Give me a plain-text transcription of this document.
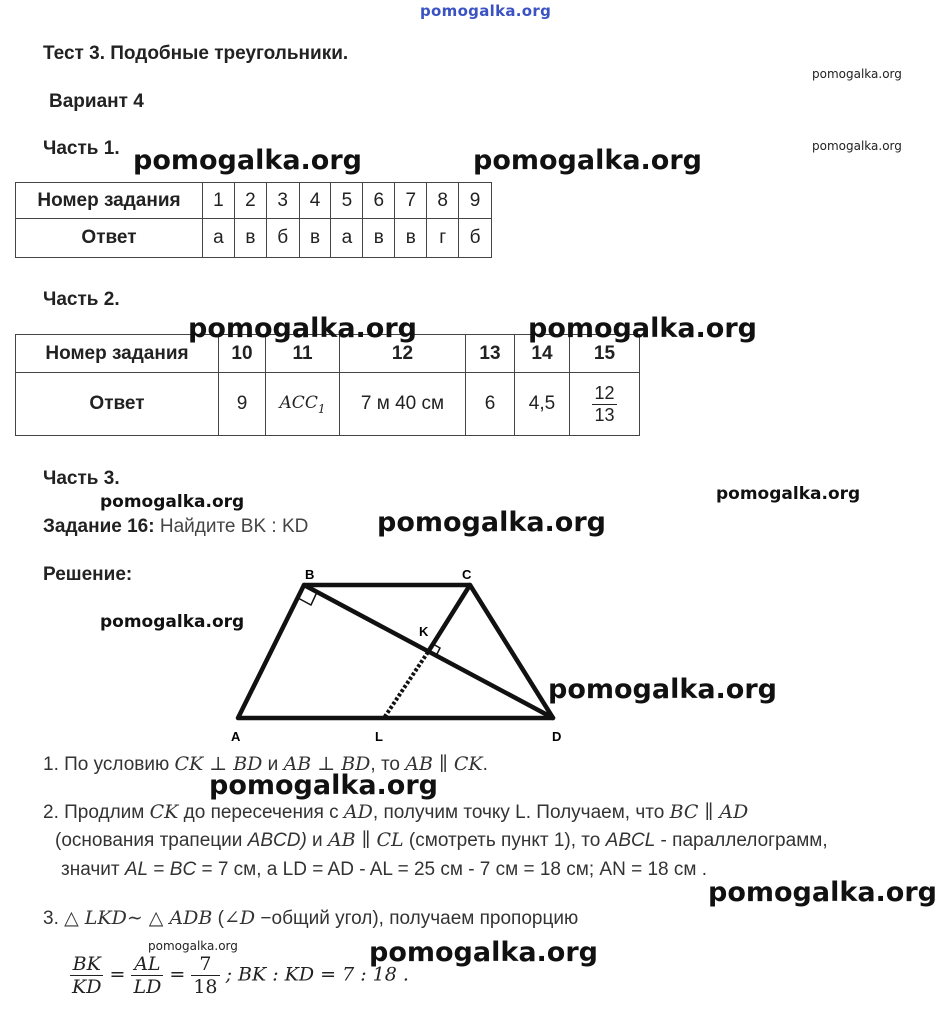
pomogalka.org
Тест 3. Подобные треугольники.
pomogalka.org
Вариант 4
Часть 1.	pomogalka.org
pomogalka.org	pomogalka.org
Номер задания	1	2	3	4	5	6	7	8	9
Ответ	а	в	б	в	а	в	в	г	б
Часть 2.
Номер задания	10	11	12	13	14	15
Ответ	9	$ACC_1$	7 м 40 см	6	4,5	$\frac{12}{13}$
pomogalka.org	pomogalka.org
Часть 3.
pomogalka.org	pomogalka.org
Задание 16: Найдите BK : KD	pomogalka.org
Решение:
pomogalka.org
A
B	C
D
K
L
pomogalka.org
1. По условию CK ⊥ BD и AB ⊥ BD, то AB ∥ CK.
pomogalka.org
2. Продлим CK до пересечения с AD, получим точку L. Получаем, что BC ∥ AD
(основания трапеции ABCD) и AB ∥ CL (смотреть пункт 1), то ABCL - параллелограмм,
значит AL = BC = 7 см, а LD = AD - AL = 25 см - 7 см = 18 см; AN = 18 см .
pomogalka.org
3. △ LKD∼ △ ADB (∠D −общий угол), получаем пропорцию
pomogalka.org	pomogalka.org
$\frac{BK}{KD} = \frac{AL}{LD} = \frac{7}{18}$ ; BK : KD = 7 : 18 .
